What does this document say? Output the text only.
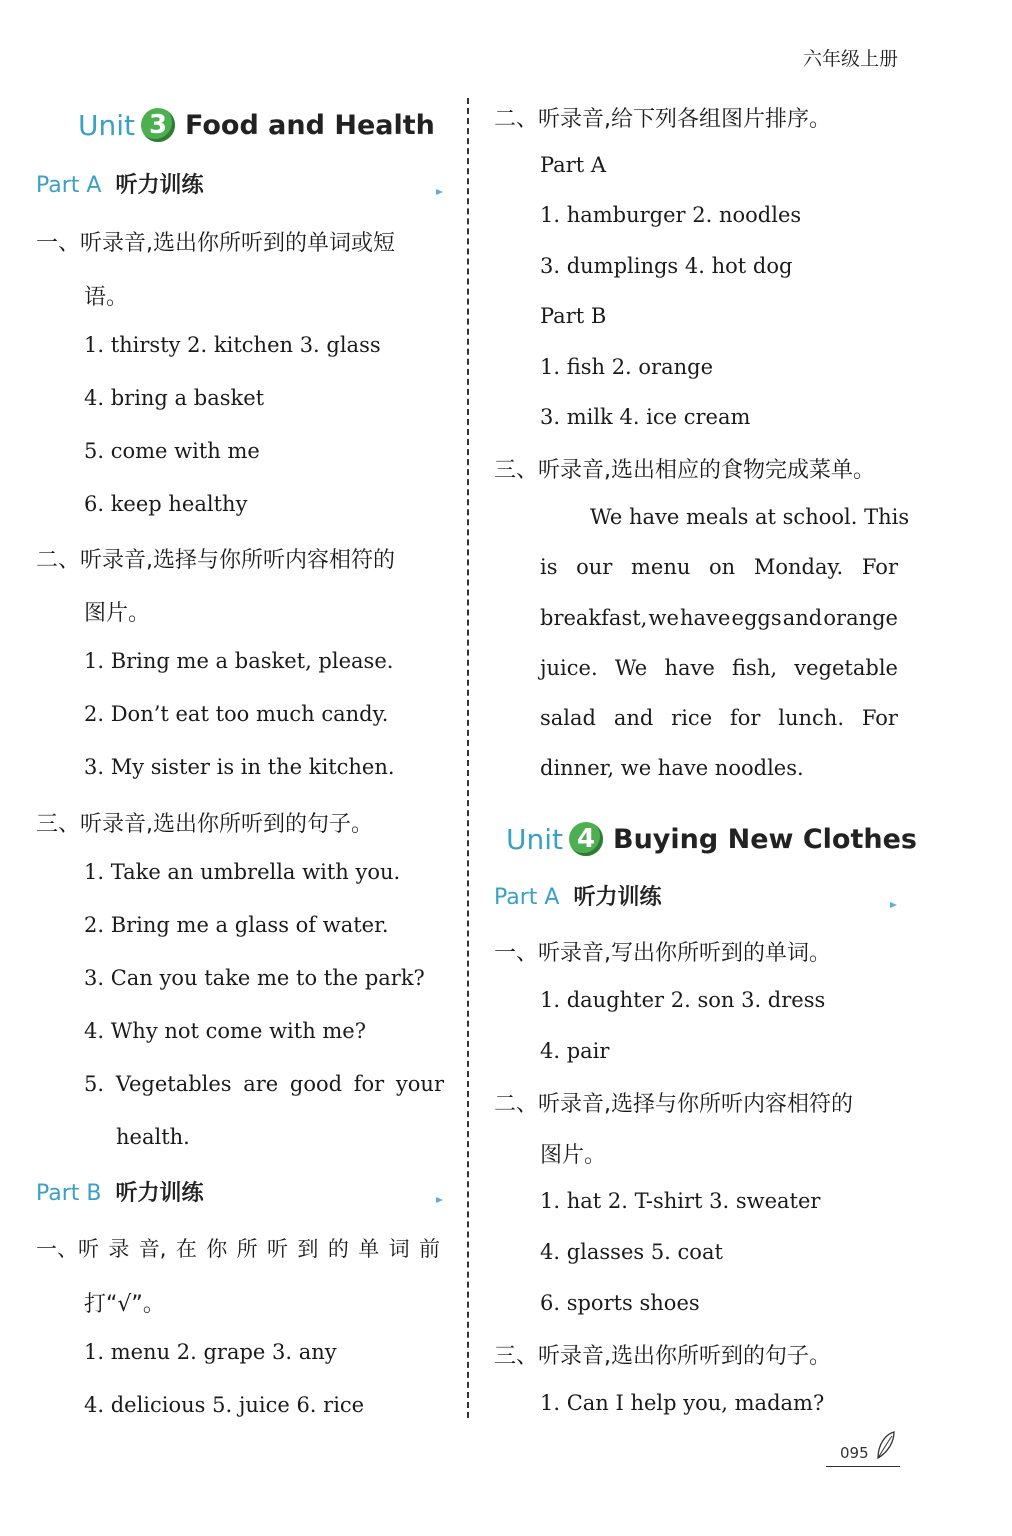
六年级上册
Unit 3 Food and Health
Part A 听力训练
一、听录音,选出你所听到的单词或短
语。
1. thirsty 2. kitchen 3. glass
4. bring a basket
5. come with me
6. keep healthy
二、听录音,选择与你所听内容相符的
图片。
1. Bring me a basket, please.
2. Don’t eat too much candy.
3. My sister is in the kitchen.
三、听录音,选出你所听到的句子。
1. Take an umbrella with you.
2. Bring me a glass of water.
3. Can you take me to the park?
4. Why not come with me?
5. Vegetables are good for your
health.
Part B 听力训练
一、听 录 音, 在 你 所 听 到 的 单 词 前
打“√”。
1. menu 2. grape 3. any
4. delicious 5. juice 6. rice
二、听录音,给下列各组图片排序。
Part A
1. hamburger 2. noodles
3. dumplings 4. hot dog
Part B
1. fish 2. orange
3. milk 4. ice cream
三、听录音,选出相应的食物完成菜单。
We have meals at school. This
is our menu on Monday. For
breakfast, we have eggs and orange
juice. We have fish, vegetable
salad and rice for lunch. For
dinner, we have noodles.
Unit 4 Buying New Clothes
Part A 听力训练
一、听录音,写出你所听到的单词。
1. daughter 2. son 3. dress
4. pair
二、听录音,选择与你所听内容相符的
图片。
1. hat 2. T-shirt 3. sweater
4. glasses 5. coat
6. sports shoes
三、听录音,选出你所听到的句子。
1. Can I help you, madam?
095
